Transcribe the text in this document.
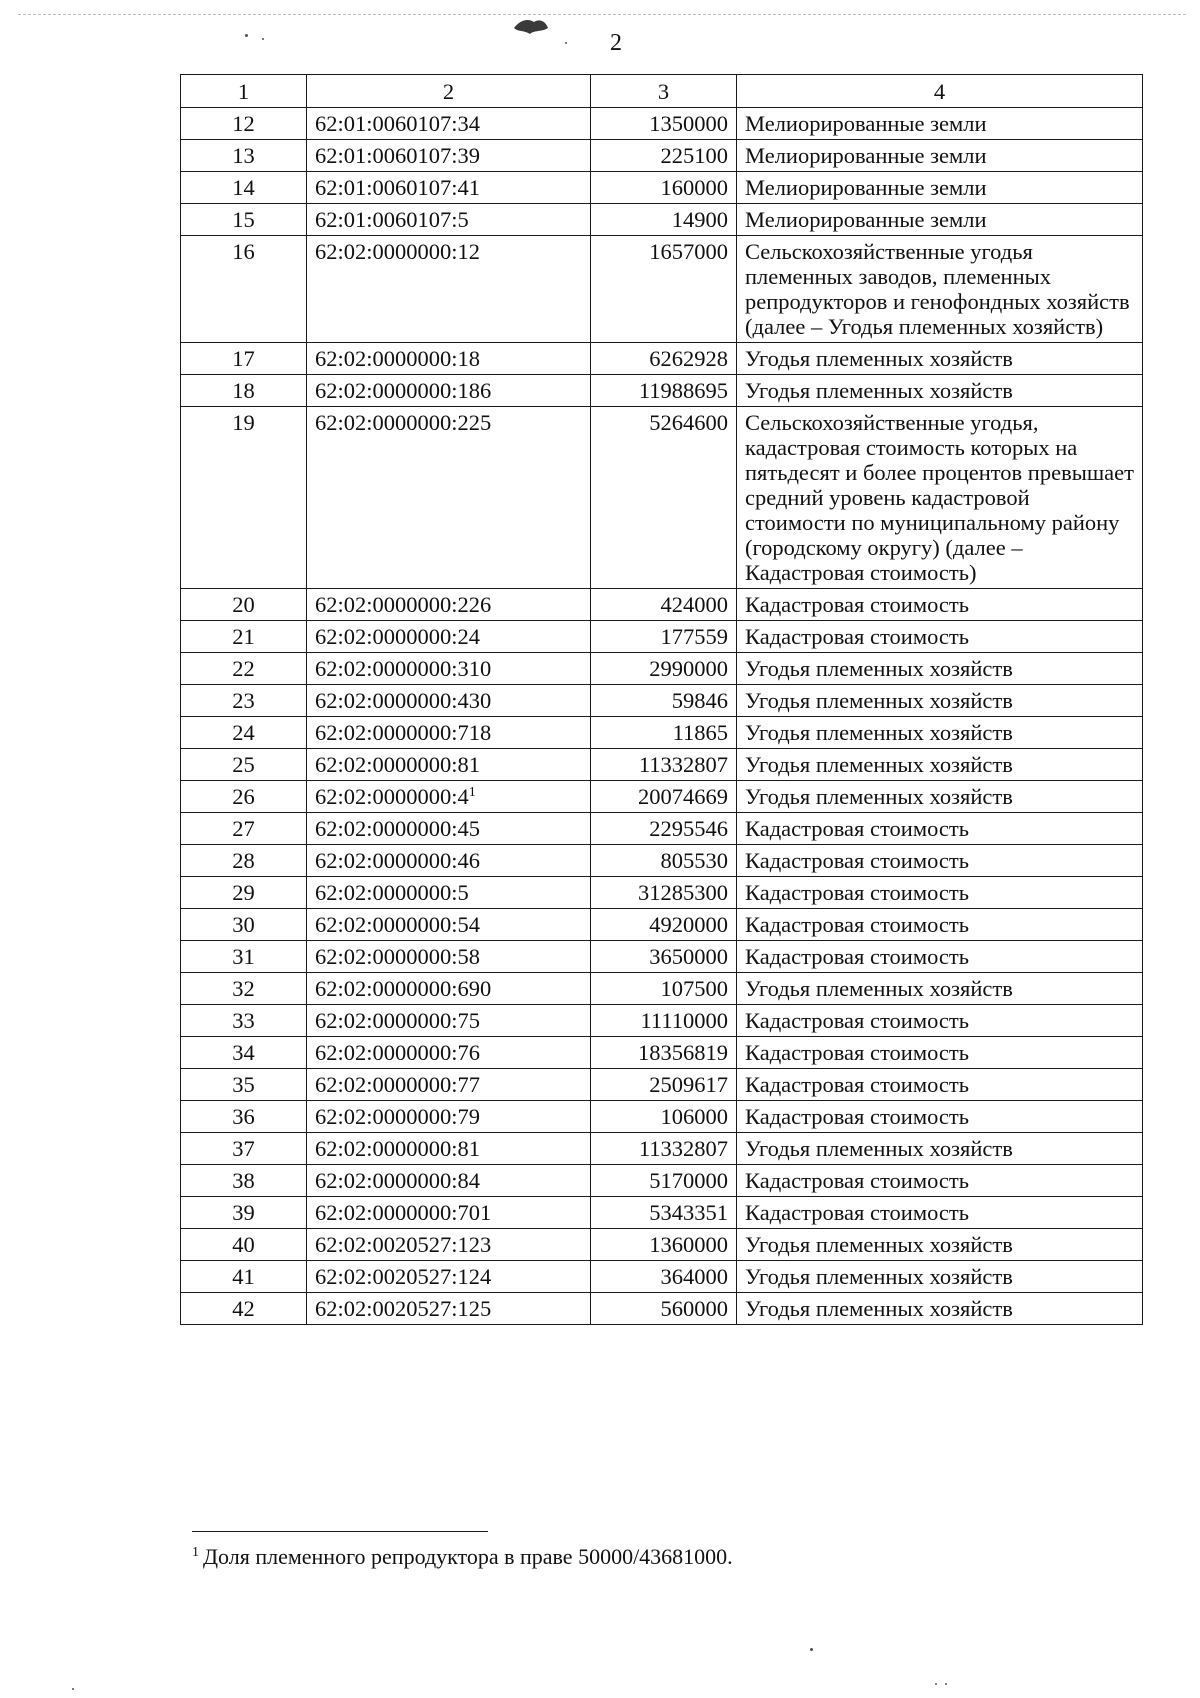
2
1	2	3	4
12	62:01:0060107:34	1350000	Мелиорированные земли
13	62:01:0060107:39	225100	Мелиорированные земли
14	62:01:0060107:41	160000	Мелиорированные земли
15	62:01:0060107:5	14900	Мелиорированные земли
16	62:02:0000000:12	1657000	Сельскохозяйственные угодья племенных заводов, племенных репродукторов и генофондных хозяйств (далее – Угодья племенных хозяйств)
17	62:02:0000000:18	6262928	Угодья племенных хозяйств
18	62:02:0000000:186	11988695	Угодья племенных хозяйств
19	62:02:0000000:225	5264600	Сельскохозяйственные угодья, кадастровая стоимость которых на пятьдесят и более процентов превышает средний уровень кадастровой стоимости по муниципальному району (городскому округу) (далее – Кадастровая стоимость)
20	62:02:0000000:226	424000	Кадастровая стоимость
21	62:02:0000000:24	177559	Кадастровая стоимость
22	62:02:0000000:310	2990000	Угодья племенных хозяйств
23	62:02:0000000:430	59846	Угодья племенных хозяйств
24	62:02:0000000:718	11865	Угодья племенных хозяйств
25	62:02:0000000:81	11332807	Угодья племенных хозяйств
26	62:02:0000000:4$^1$	20074669	Угодья племенных хозяйств
27	62:02:0000000:45	2295546	Кадастровая стоимость
28	62:02:0000000:46	805530	Кадастровая стоимость
29	62:02:0000000:5	31285300	Кадастровая стоимость
30	62:02:0000000:54	4920000	Кадастровая стоимость
31	62:02:0000000:58	3650000	Кадастровая стоимость
32	62:02:0000000:690	107500	Угодья племенных хозяйств
33	62:02:0000000:75	11110000	Кадастровая стоимость
34	62:02:0000000:76	18356819	Кадастровая стоимость
35	62:02:0000000:77	2509617	Кадастровая стоимость
36	62:02:0000000:79	106000	Кадастровая стоимость
37	62:02:0000000:81	11332807	Угодья племенных хозяйств
38	62:02:0000000:84	5170000	Кадастровая стоимость
39	62:02:0000000:701	5343351	Кадастровая стоимость
40	62:02:0020527:123	1360000	Угодья племенных хозяйств
41	62:02:0020527:124	364000	Угодья племенных хозяйств
42	62:02:0020527:125	560000	Угодья племенных хозяйств
$^1$ Доля племенного репродуктора в праве 50000/43681000.
